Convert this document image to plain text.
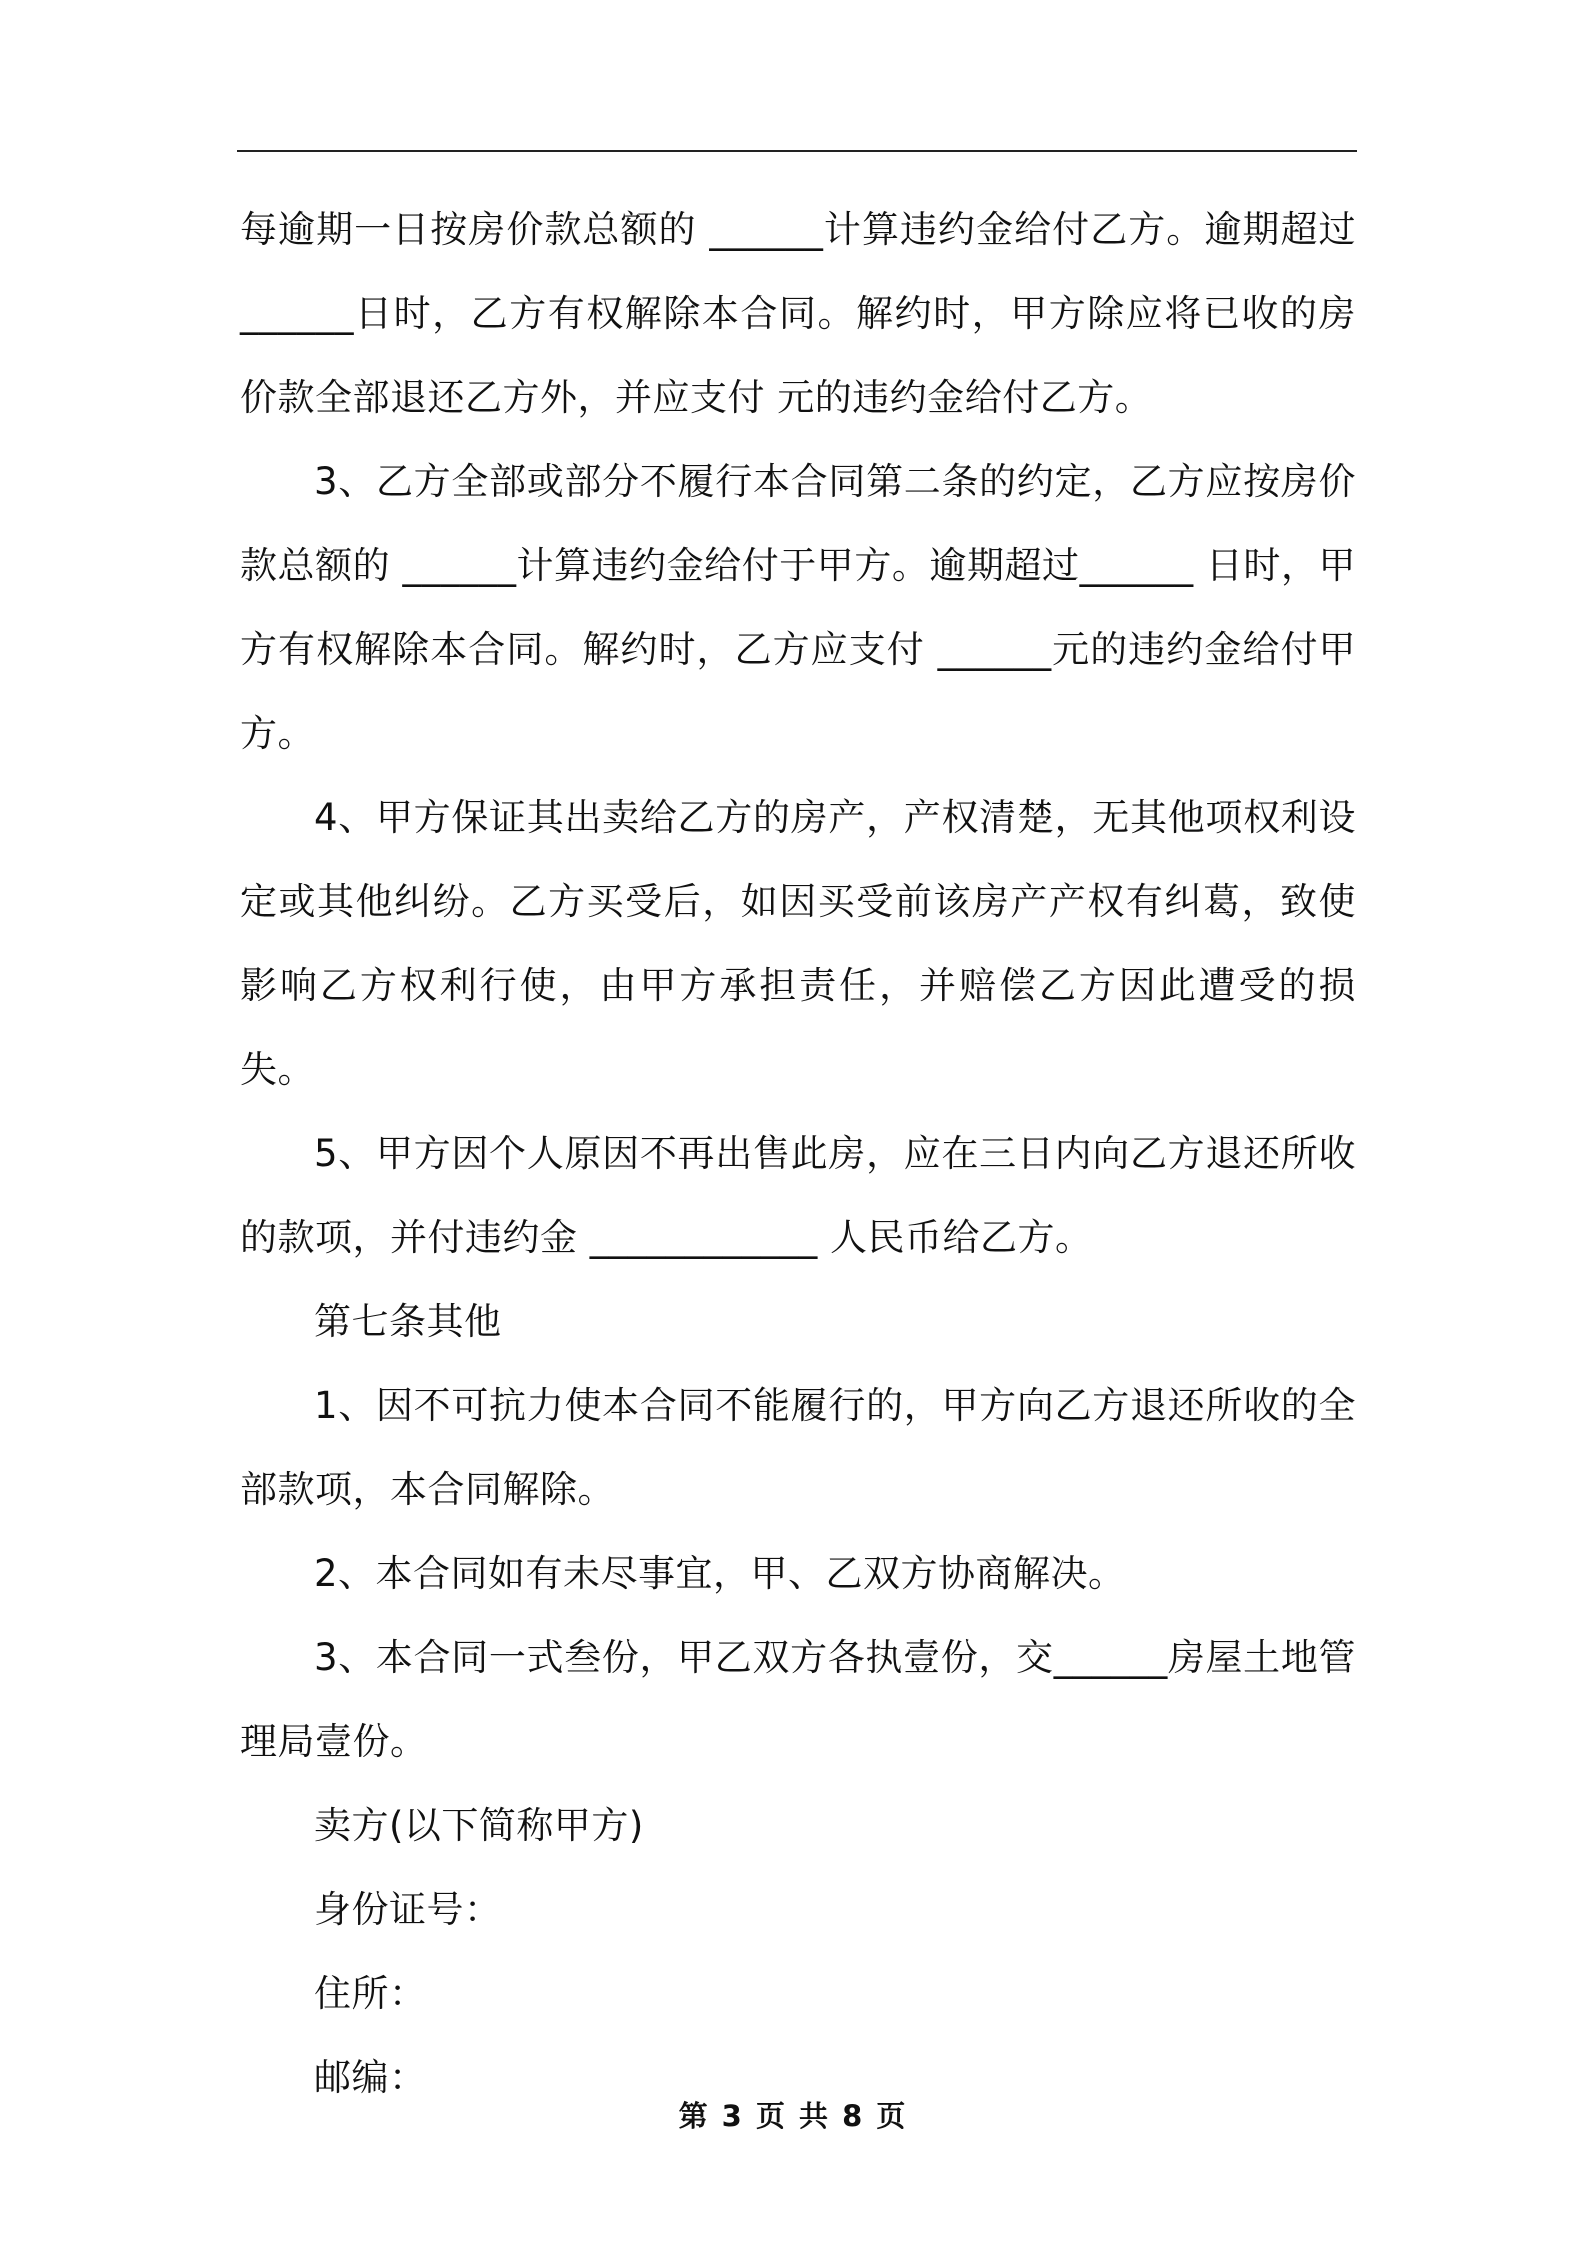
每逾期一日按房价款总额的 ______计算违约金给付乙方。逾期超过______日时，乙方有权解除本合同。解约时，甲方除应将已收的房价款全部退还乙方外，并应支付 元的违约金给付乙方。

3、乙方全部或部分不履行本合同第二条的约定，乙方应按房价款总额的 ______计算违约金给付于甲方。逾期超过______ 日时，甲方有权解除本合同。解约时，乙方应支付 ______元的违约金给付甲方。

4、甲方保证其出卖给乙方的房产，产权清楚，无其他项权利设定或其他纠纷。乙方买受后，如因买受前该房产产权有纠葛，致使影响乙方权利行使，由甲方承担责任，并赔偿乙方因此遭受的损失。

5、甲方因个人原因不再出售此房，应在三日内向乙方退还所收的款项，并付违约金 ____________ 人民币给乙方。

第七条其他

1、因不可抗力使本合同不能履行的，甲方向乙方退还所收的全部款项，本合同解除。

2、本合同如有未尽事宜，甲、乙双方协商解决。

3、本合同一式叁份，甲乙双方各执壹份，交______房屋土地管理局壹份。

卖方(以下简称甲方)

身份证号：

住所：

邮编：

第 3 页 共 8 页
